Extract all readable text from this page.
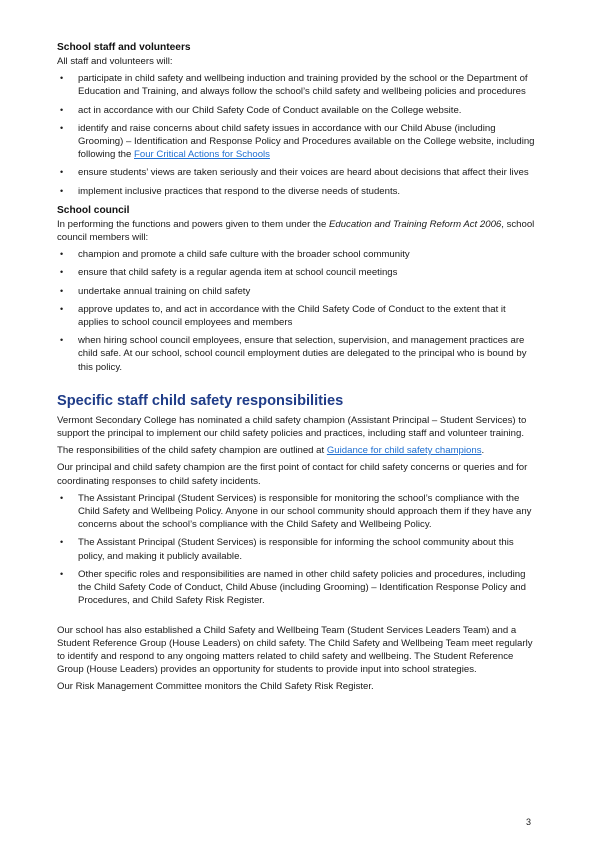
School staff and volunteers

All staff and volunteers will:

• participate in child safety and wellbeing induction and training provided by the school or the Department of Education and Training, and always follow the school’s child safety and wellbeing policies and procedures
• act in accordance with our Child Safety Code of Conduct available on the College website.
• identify and raise concerns about child safety issues in accordance with our Child Abuse (including Grooming) – Identification and Response Policy and Procedures available on the College website, including following the Four Critical Actions for Schools
• ensure students’ views are taken seriously and their voices are heard about decisions that affect their lives
• implement inclusive practices that respond to the diverse needs of students.
School council

In performing the functions and powers given to them under the Education and Training Reform Act 2006, school council members will:

• champion and promote a child safe culture with the broader school community
• ensure that child safety is a regular agenda item at school council meetings
• undertake annual training on child safety
• approve updates to, and act in accordance with the Child Safety Code of Conduct to the extent that it applies to school council employees and members
• when hiring school council employees, ensure that selection, supervision, and management practices are child safe. At our school, school council employment duties are delegated to the principal who is bound by this policy.
Specific staff child safety responsibilities

Vermont Secondary College has nominated a child safety champion (Assistant Principal – Student Services) to support the principal to implement our child safety policies and practices, including staff and volunteer training.

The responsibilities of the child safety champion are outlined at Guidance for child safety champions.

Our principal and child safety champion are the first point of contact for child safety concerns or queries and for coordinating responses to child safety incidents.

• The Assistant Principal (Student Services) is responsible for monitoring the school’s compliance with the Child Safety and Wellbeing Policy. Anyone in our school community should approach them if they have any concerns about the school’s compliance with the Child Safety and Wellbeing Policy.
• The Assistant Principal (Student Services) is responsible for informing the school community about this policy, and making it publicly available.
• Other specific roles and responsibilities are named in other child safety policies and procedures, including the Child Safety Code of Conduct, Child Abuse (including Grooming) – Identification Response Policy and Procedures, and Child Safety Risk Register.

Our school has also established a Child Safety and Wellbeing Team (Student Services Leaders Team) and a Student Reference Group (House Leaders) on child safety. The Child Safety and Wellbeing Team meet regularly to identify and respond to any ongoing matters related to child safety and wellbeing. The Student Reference Group (House Leaders) provides an opportunity for students to provide input into school strategies.

Our Risk Management Committee monitors the Child Safety Risk Register.

3
